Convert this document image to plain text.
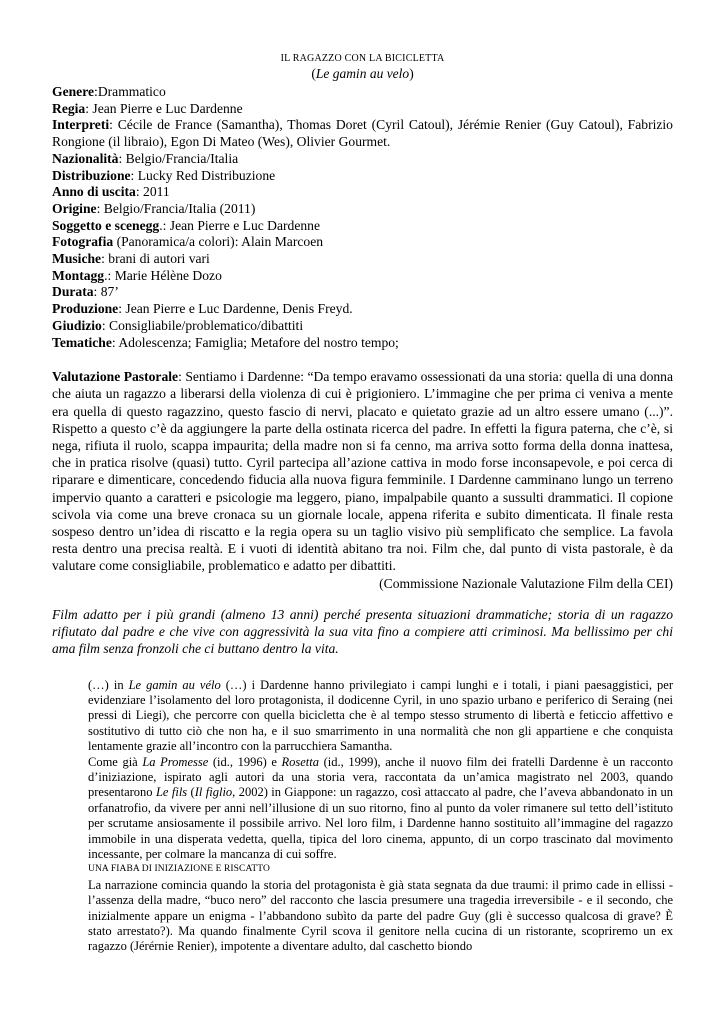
IL RAGAZZO CON LA BICICLETTA
(Le gamin au velo)
Genere:Drammatico
Regia: Jean Pierre e Luc Dardenne
Interpreti: Cécile de France (Samantha), Thomas Doret (Cyril Catoul), Jérémie Renier (Guy Catoul), Fabrizio Rongione (il libraio), Egon Di Mateo (Wes), Olivier Gourmet.
Nazionalità: Belgio/Francia/Italia
Distribuzione: Lucky Red Distribuzione
Anno di uscita: 2011
Origine: Belgio/Francia/Italia (2011)
Soggetto e scenegg.: Jean Pierre e Luc Dardenne
Fotografia (Panoramica/a colori): Alain Marcoen
Musiche: brani di autori vari
Montagg.: Marie Hélène Dozo
Durata: 87’
Produzione: Jean Pierre e Luc Dardenne, Denis Freyd.
Giudizio: Consigliabile/problematico/dibattiti
Tematiche: Adolescenza; Famiglia; Metafore del nostro tempo;
Valutazione Pastorale: Sentiamo i Dardenne: “Da tempo eravamo ossessionati da una storia: quella di una donna che aiuta un ragazzo a liberarsi della violenza di cui è prigioniero. L’immagine che per prima ci veniva a mente era quella di questo ragazzino, questo fascio di nervi, placato e quietato grazie ad un altro essere umano (...)”. Rispetto a questo c’è da aggiungere la parte della ostinata ricerca del padre. In effetti la figura paterna, che c’è, si nega, rifiuta il ruolo, scappa impaurita; della madre non si fa cenno, ma arriva sotto forma della donna inattesa, che in pratica risolve (quasi) tutto. Cyril partecipa all’azione cattiva in modo forse inconsapevole, e poi cerca di riparare e dimenticare, concedendo fiducia alla nuova figura femminile. I Dardenne camminano lungo un terreno impervio quanto a caratteri e psicologie ma leggero, piano, impalpabile quanto a sussulti drammatici. Il copione scivola via come una breve cronaca su un giornale locale, appena riferita e subito dimenticata. Il finale resta sospeso dentro un’idea di riscatto e la regia opera su un taglio visivo più semplificato che semplice. La favola resta dentro una precisa realtà. E i vuoti di identità abitano tra noi. Film che, dal punto di vista pastorale, è da valutare come consigliabile, problematico e adatto per dibattiti.
(Commissione Nazionale Valutazione Film della CEI)
Film adatto per i più grandi (almeno 13 anni) perché presenta situazioni drammatiche; storia di un ragazzo rifiutato dal padre e che vive con aggressività la sua vita fino a compiere atti criminosi. Ma bellissimo per chi ama film senza fronzoli che ci buttano dentro la vita.

(…) in Le gamin au vélo (…) i Dardenne hanno privilegiato i campi lunghi e i totali, i piani paesaggistici, per evidenziare l’isolamento del loro protagonista, il dodicenne Cyril, in uno spazio urbano e periferico di Seraing (nei pressi di Liegi), che percorre con quella bicicletta che è al tempo stesso strumento di libertà e feticcio affettivo e sostitutivo di tutto ciò che non ha, e il suo smarrimento in una normalità che non gli appartiene e che conquista lentamente grazie all’incontro con la parrucchiera Samantha.

Come già La Promesse (id., 1996) e Rosetta (id., 1999), anche il nuovo film dei fratelli Dardenne è un racconto d’iniziazione, ispirato agli autori da una storia vera, raccontata da un’amica magistrato nel 2003, quando presentarono Le fils (Il figlio, 2002) in Giappone: un ragazzo, così attaccato al padre, che l’aveva abbandonato in un orfanatrofio, da vivere per anni nell’illusione di un suo ritorno, fino al punto da voler rimanere sul tetto dell’istituto per scrutame ansiosamente il possibile arrivo. Nel loro film, i Dardenne hanno sostituito all’immagine del ragazzo immobile in una disperata vedetta, quella, tipica del loro cinema, appunto, di un corpo trascinato dal movimento incessante, per colmare la mancanza di cui soffre.

UNA FIABA DI INIZIAZIONE E RISCATTO

La narrazione comincia quando la storia del protagonista è già stata segnata da due traumi: il primo cade in ellissi - l’assenza della madre, “buco nero” del racconto che lascia presumere una tragedia irreversibile - e il secondo, che inizialmente appare un enigma - l’abbandono subìto da parte del padre Guy (gli è successo qualcosa di grave? È stato arrestato?). Ma quando finalmente Cyril scova il genitore nella cucina di un ristorante, scopriremo un ex ragazzo (Jérérnie Renier), impotente a diventare adulto, dal caschetto biondo
